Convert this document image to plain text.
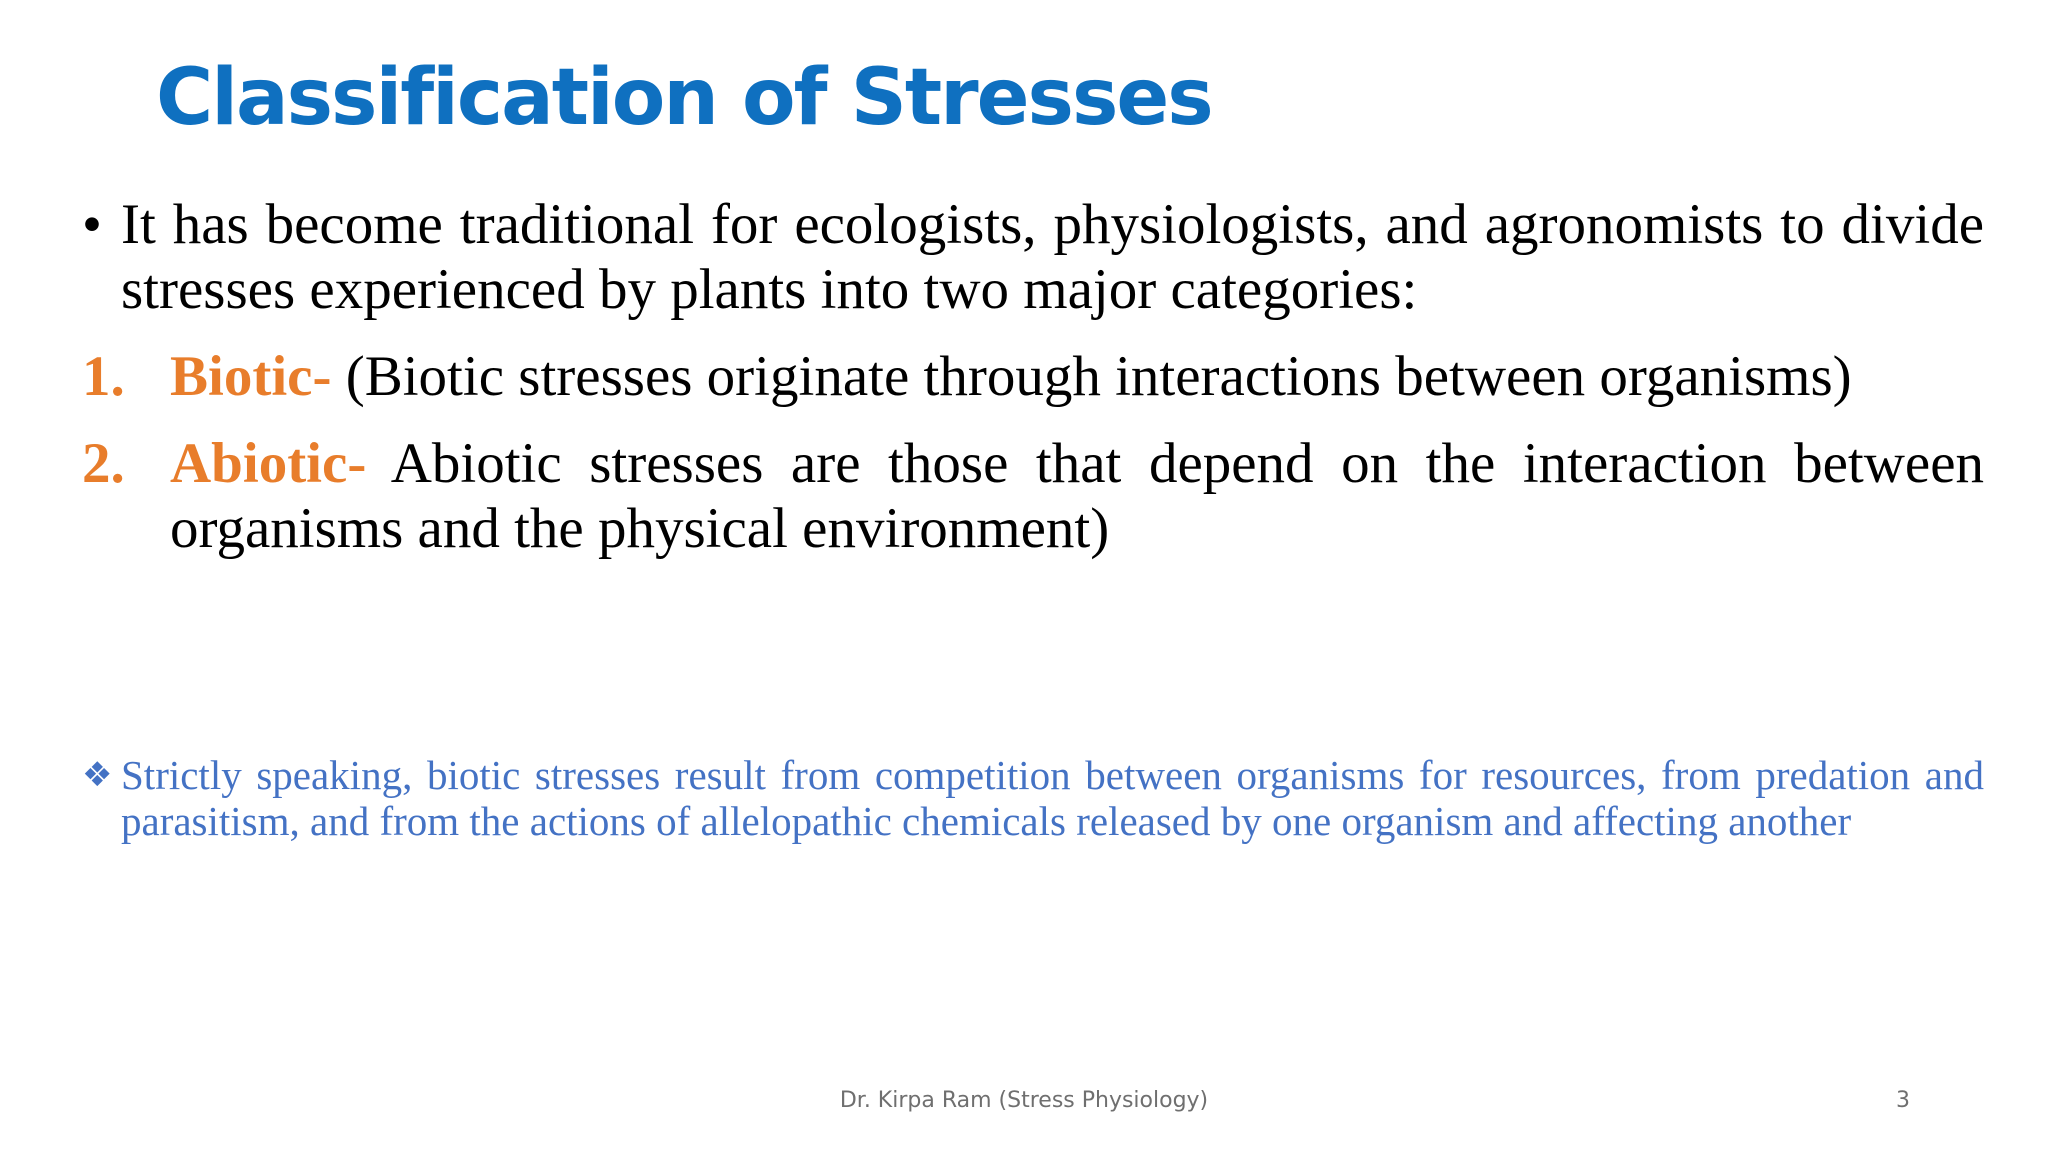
Classification of Stresses
• It has become traditional for ecologists, physiologists, and agronomists to divide stresses experienced by plants into two major categories:
1. Biotic- (Biotic stresses originate through interactions between organisms)
2. Abiotic- Abiotic stresses are those that depend on the interaction between organisms and the physical environment)
❖ Strictly speaking, biotic stresses result from competition between organisms for resources, from predation and parasitism, and from the actions of allelopathic chemicals released by one organism and affecting another
Dr. Kirpa Ram (Stress Physiology)	3
